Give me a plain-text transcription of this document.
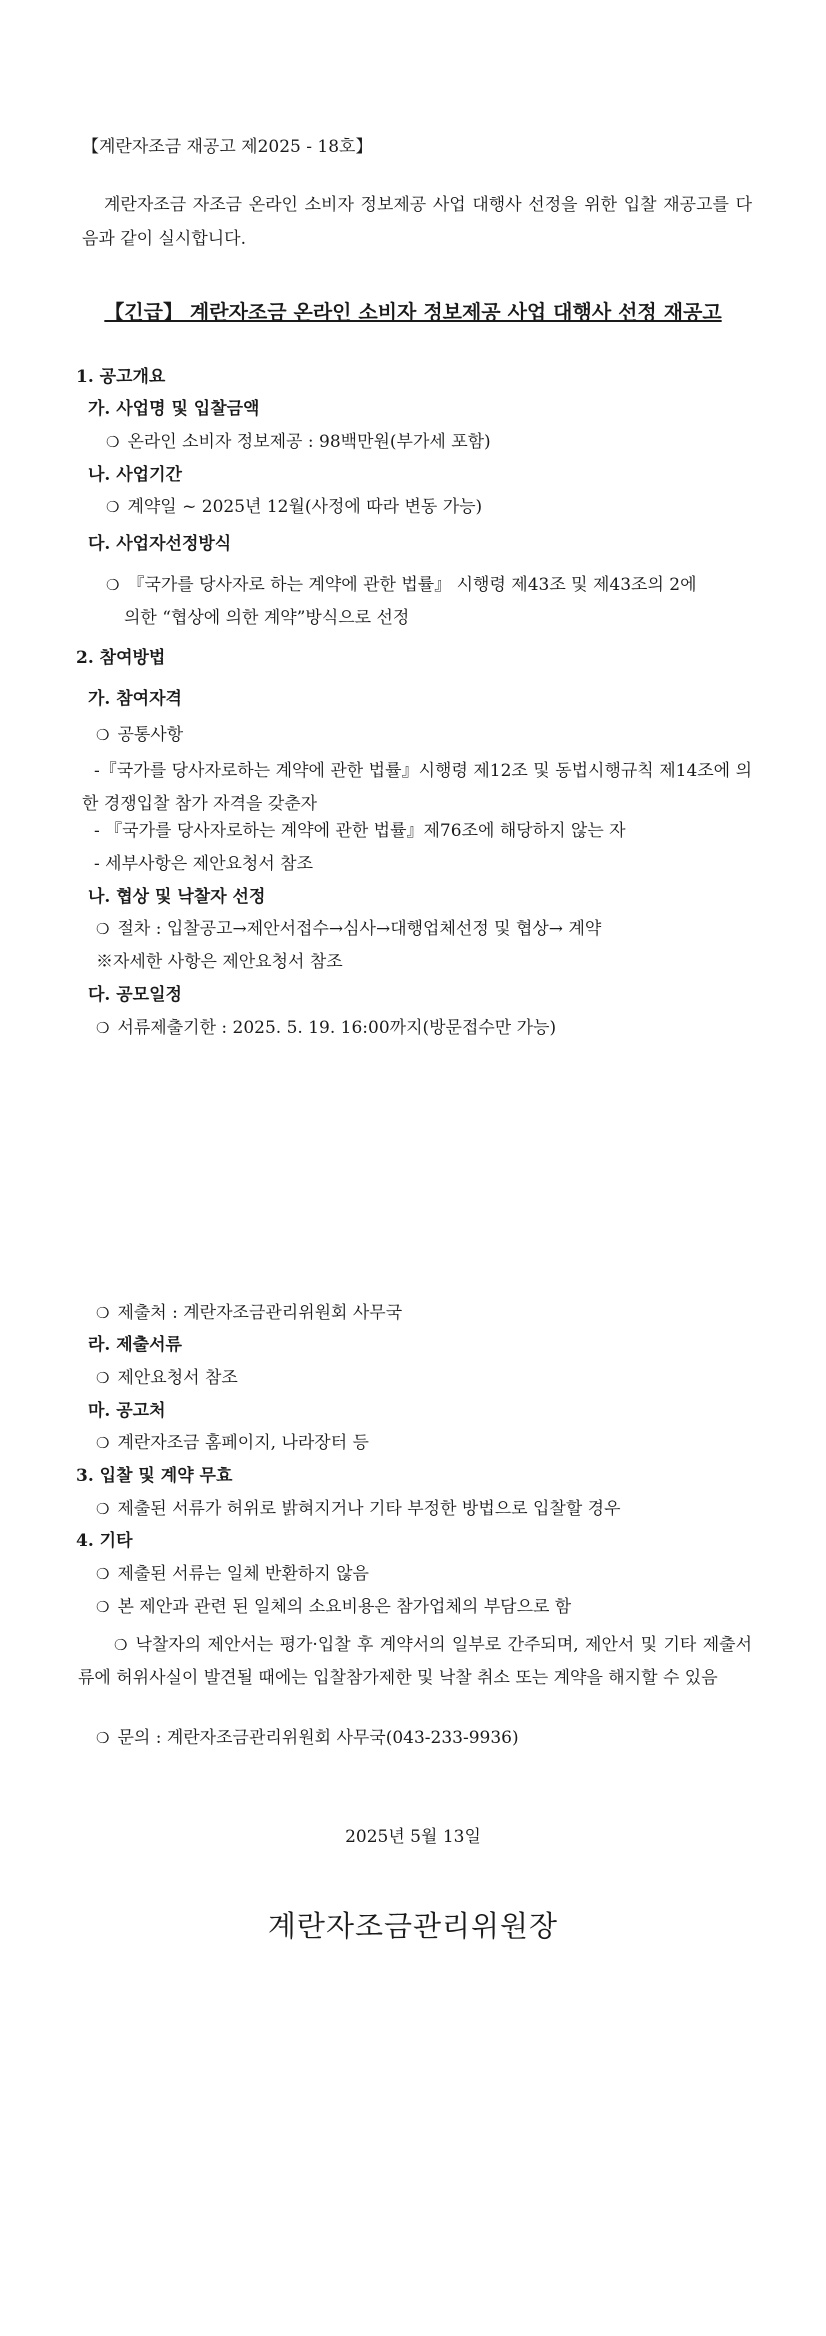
【계란자조금 재공고 제2025 - 18호】
계란자조금 자조금 온라인 소비자 정보제공 사업 대행사 선정을 위한 입찰 재공고를 다음과 같이 실시합니다.
【긴급】 계란자조금 온라인 소비자 정보제공 사업 대행사 선정 재공고
1. 공고개요
가. 사업명 및 입찰금액
❍ 온라인 소비자 정보제공 : 98백만원(부가세 포함)
나. 사업기간
❍ 계약일 ~ 2025년 12월(사정에 따라 변동 가능)
다. 사업자선정방식
❍ 『국가를 당사자로 하는 계약에 관한 법률』 시행령 제43조 및 제43조의 2에
의한 “협상에 의한 계약”방식으로 선정
2. 참여방법
가. 참여자격
❍ 공통사항
-『국가를 당사자로하는 계약에 관한 법률』시행령 제12조 및 동법시행규칙 제14조에 의한 경쟁입찰 참가 자격을 갖춘자
- 『국가를 당사자로하는 계약에 관한 법률』제76조에 해당하지 않는 자
- 세부사항은 제안요청서 참조
나. 협상 및 낙찰자 선정
❍ 절차 : 입찰공고→제안서접수→심사→대행업체선정 및 협상→ 계약
※자세한 사항은 제안요청서 참조
다. 공모일정
❍ 서류제출기한 : 2025. 5. 19. 16:00까지(방문접수만 가능)
❍ 제출처 : 계란자조금관리위원회 사무국
라. 제출서류
❍ 제안요청서 참조
마. 공고처
❍ 계란자조금 홈페이지, 나라장터 등
3. 입찰 및 계약 무효
❍ 제출된 서류가 허위로 밝혀지거나 기타 부정한 방법으로 입찰할 경우
4. 기타
❍ 제출된 서류는 일체 반환하지 않음
❍ 본 제안과 관련 된 일체의 소요비용은 참가업체의 부담으로 함
❍ 낙찰자의 제안서는 평가·입찰 후 계약서의 일부로 간주되며, 제안서 및 기타 제출서류에 허위사실이 발견될 때에는 입찰참가제한 및 낙찰 취소 또는 계약을 해지할 수 있음
❍ 문의 : 계란자조금관리위원회 사무국(043-233-9936)
2025년 5월 13일
계란자조금관리위원장
